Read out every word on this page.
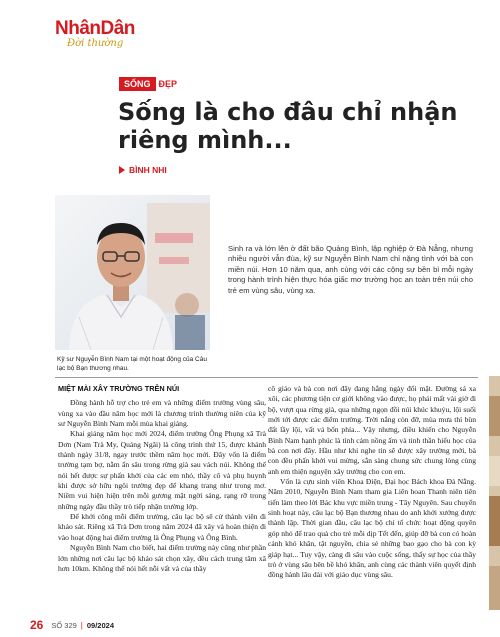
NhânDân
Đời thường
SỐNG ĐẸP
Sống là cho đâu chỉ nhận riêng mình...
BÌNH NHI
Kỹ sư Nguyễn Bình Nam tại một hoạt động của Câu lạc bộ Bạn thương nhau.

Sinh ra và lớn lên ở đất bão Quảng Bình, lập nghiệp ở Đà Nẵng, nhưng nhiều người vẫn đùa, kỹ sư Nguyễn Bình Nam chỉ nặng tình với bà con miền núi. Hơn 10 năm qua, anh cùng với các cộng sự bền bỉ mỗi ngày trong hành trình hiện thực hóa giấc mơ trường học an toàn trên núi cho trẻ em vùng sâu, vùng xa.

MIỆT MÀI XÂY TRƯỜNG TRÊN NÚI

Đồng hành hỗ trợ cho trẻ em và những điểm trường vùng sâu, vùng xa vào đầu năm học mới là chương trình thường niên của kỹ sư Nguyễn Bình Nam mỗi mùa khai giảng.

Khai giảng năm học mới 2024, điểm trường Ông Phụng xã Trà Dơn (Nam Trà My, Quảng Ngãi) là công trình thứ 15, được khánh thành ngày 31/8, ngay trước thềm năm học mới. Đây vốn là điểm trường tạm bợ, nằm ẩn sâu trong rừng già sau vách núi. Không thể nói hết được sự phấn khởi của các em nhỏ, thầy cô và phụ huynh khi được sở hữu ngôi trường đẹp để khang trang như trong mơ. Niềm vui hiện hiện trên mỗi gương mặt ngời sáng, rạng rỡ trong những ngày đầu thầy trò tiếp nhận trường lớp.

Để khởi công mỗi điểm trường, câu lạc bộ sẽ cử thành viên đi khảo sát. Riêng xã Trà Dơn trong năm 2024 đã xây và hoàn thiện đi vào hoạt động hai điểm trường là Ông Phụng và Ông Bình.

Nguyễn Bình Nam cho biết, hai điểm trường này cũng như phần lớn những nơi câu lạc bộ khảo sát chọn xây, đều cách trung tâm xã hơn 10km. Không thể nói hết nỗi vất vả của thầy

cô giáo và bà con nơi đây đang hằng ngày đối mặt. Đường sá xa xôi, các phương tiện cơ giới không vào được, họ phải mất vài giờ đi bộ, vượt qua rừng già, qua những ngọn đồi núi khúc khuỷu, lội suối mới tới được các điểm trường. Trời nắng còn đỡ, mùa mưa thì bùn đất lầy lội, vất vả bốn phía... Vậy nhưng, điều khiến cho Nguyễn Bình Nam hạnh phúc là tình cảm nồng ấm và tinh thần hiếu học của bà con nơi đây. Hầu như khi nghe tin sẽ được xây trường mới, bà con đều phấn khởi vui mừng, sẵn sàng chung sức chung lòng cùng anh em thiện nguyện xây trường cho con em.

Vốn là cựu sinh viên Khoa Điện, Đại học Bách khoa Đà Nẵng. Năm 2010, Nguyễn Bình Nam tham gia Liên hoan Thanh niên tiên tiến làm theo lời Bác khu vực miền trung - Tây Nguyên. Sau chuyến sinh hoạt này, câu lạc bộ Bạn thương nhau do anh khởi xướng được thành lập. Thời gian đầu, câu lạc bộ chỉ tổ chức hoạt động quyên góp nhỏ để trao quà cho trẻ mỗi dịp Tết đến, giúp đỡ bà con có hoàn cảnh khó khăn, tật nguyền, chia sẻ những bao gạo cho bà con kỳ giáp hạt... Tuy vậy, càng đi sâu vào cuộc sống, thấy sự học của thầy trò ở vùng sâu bên bề khó khăn, anh cùng các thành viên quyết định đồng hành lâu dài với giáo dục vùng sâu.

26 SỐ 329 | 09/2024
